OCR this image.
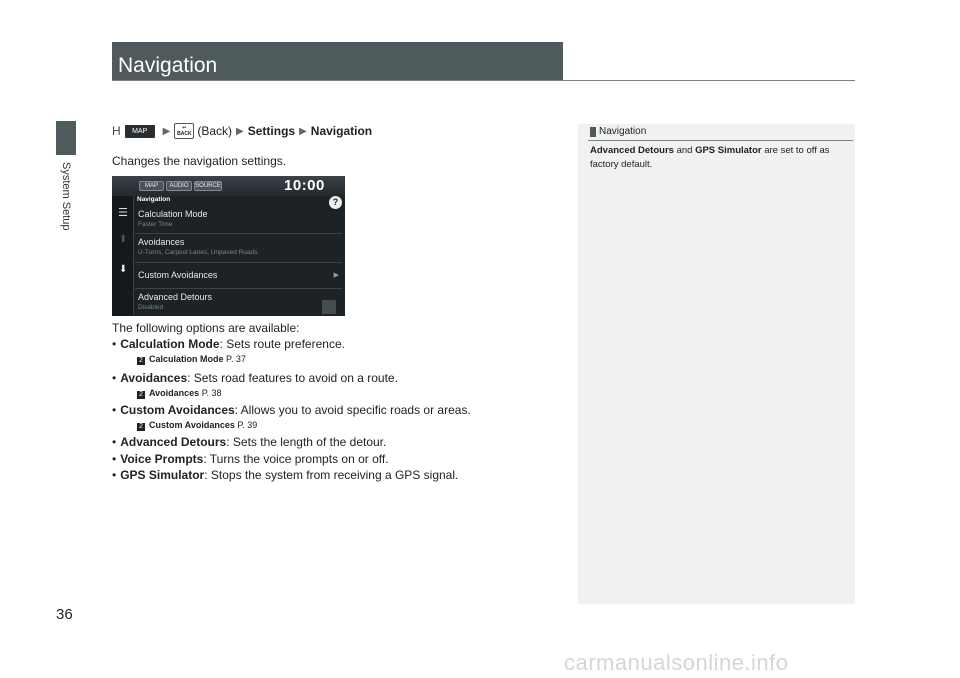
System Setup
Navigation
H	MAP	▶ ↩
BACK (Back) ▶ Settings ▶ Navigation
Changes the navigation settings.
MAP	AUDIO	SOURCE	10:00
☰
⬆
⬇
Navigation	?
Calculation Mode
Faster Time
Avoidances
U-Turns, Carpool Lanes, Unpaved Roads
Custom Avoidances	▶
Advanced Detours
Disabled
The following options are available:
• Calculation Mode: Sets route preference.
2 Calculation Mode P. 37
• Avoidances: Sets road features to avoid on a route.
2 Avoidances P. 38
• Custom Avoidances: Allows you to avoid specific roads or areas.
2 Custom Avoidances P. 39
• Advanced Detours: Sets the length of the detour.
• Voice Prompts: Turns the voice prompts on or off.
• GPS Simulator: Stops the system from receiving a GPS signal.
Navigation
Advanced Detours and GPS Simulator are set to off as factory default.
36
carmanualsonline.info
